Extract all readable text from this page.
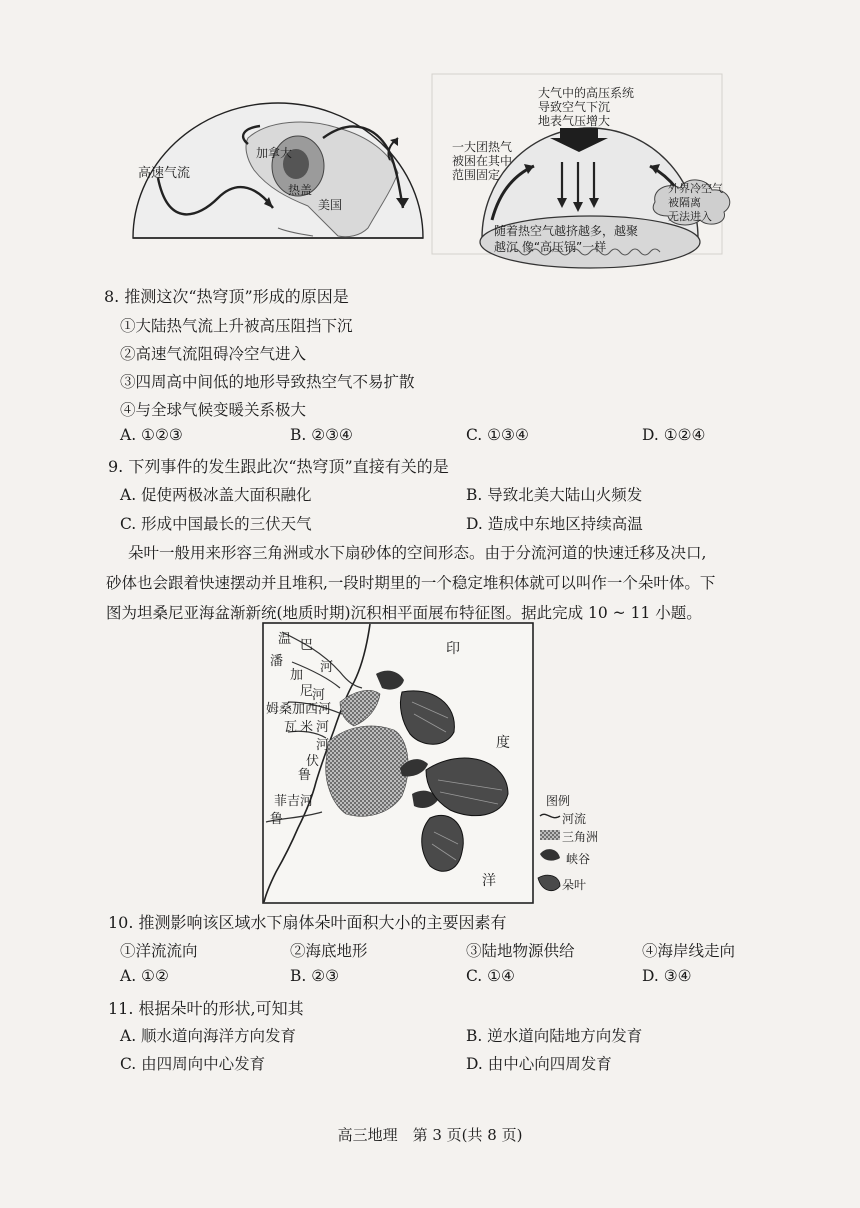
高速气流
加拿大
热盖
美国
大气中的高压系统
导致空气下沉
地表气压增大
一大团热气
被困在其中
范围固定
外界冷空气
被隔离
无法进入
随着热空气越挤越多，越聚
越沉 像“高压锅”一样
8. 推测这次“热穹顶”形成的原因是
①大陆热气流上升被高压阻挡下沉
②高速气流阻碍冷空气进入
③四周高中间低的地形导致热空气不易扩散
④与全球气候变暖关系极大
A. ①②③	B. ②③④	C. ①③④	D. ①②④
9. 下列事件的发生跟此次“热穹顶”直接有关的是
A. 促使两极冰盖大面积融化	B. 导致北美大陆山火频发
C. 形成中国最长的三伏天气	D. 造成中东地区持续高温
朵叶一般用来形容三角洲或水下扇砂体的空间形态。由于分流河道的快速迁移及决口,
砂体也会跟着快速摆动并且堆积,一段时期里的一个稳定堆积体就可以叫作一个朵叶体。下
图为坦桑尼亚海盆渐新统(地质时期)沉积相平面展布特征图。据此完成 10 ~ 11 小题。
图例
河流
三角洲
峡谷
朵叶
温 巴
河
潘
加
尼
河
姆桑加西河
瓦 米 河
河
伏
鲁
菲吉河
鲁
印
度
洋
10. 推测影响该区域水下扇体朵叶面积大小的主要因素有
①洋流流向	②海底地形	③陆地物源供给	④海岸线走向
A. ①②	B. ②③	C. ①④	D. ③④
11. 根据朵叶的形状,可知其
A. 顺水道向海洋方向发育	B. 逆水道向陆地方向发育
C. 由四周向中心发育	D. 由中心向四周发育
高三地理　第 3 页(共 8 页)
